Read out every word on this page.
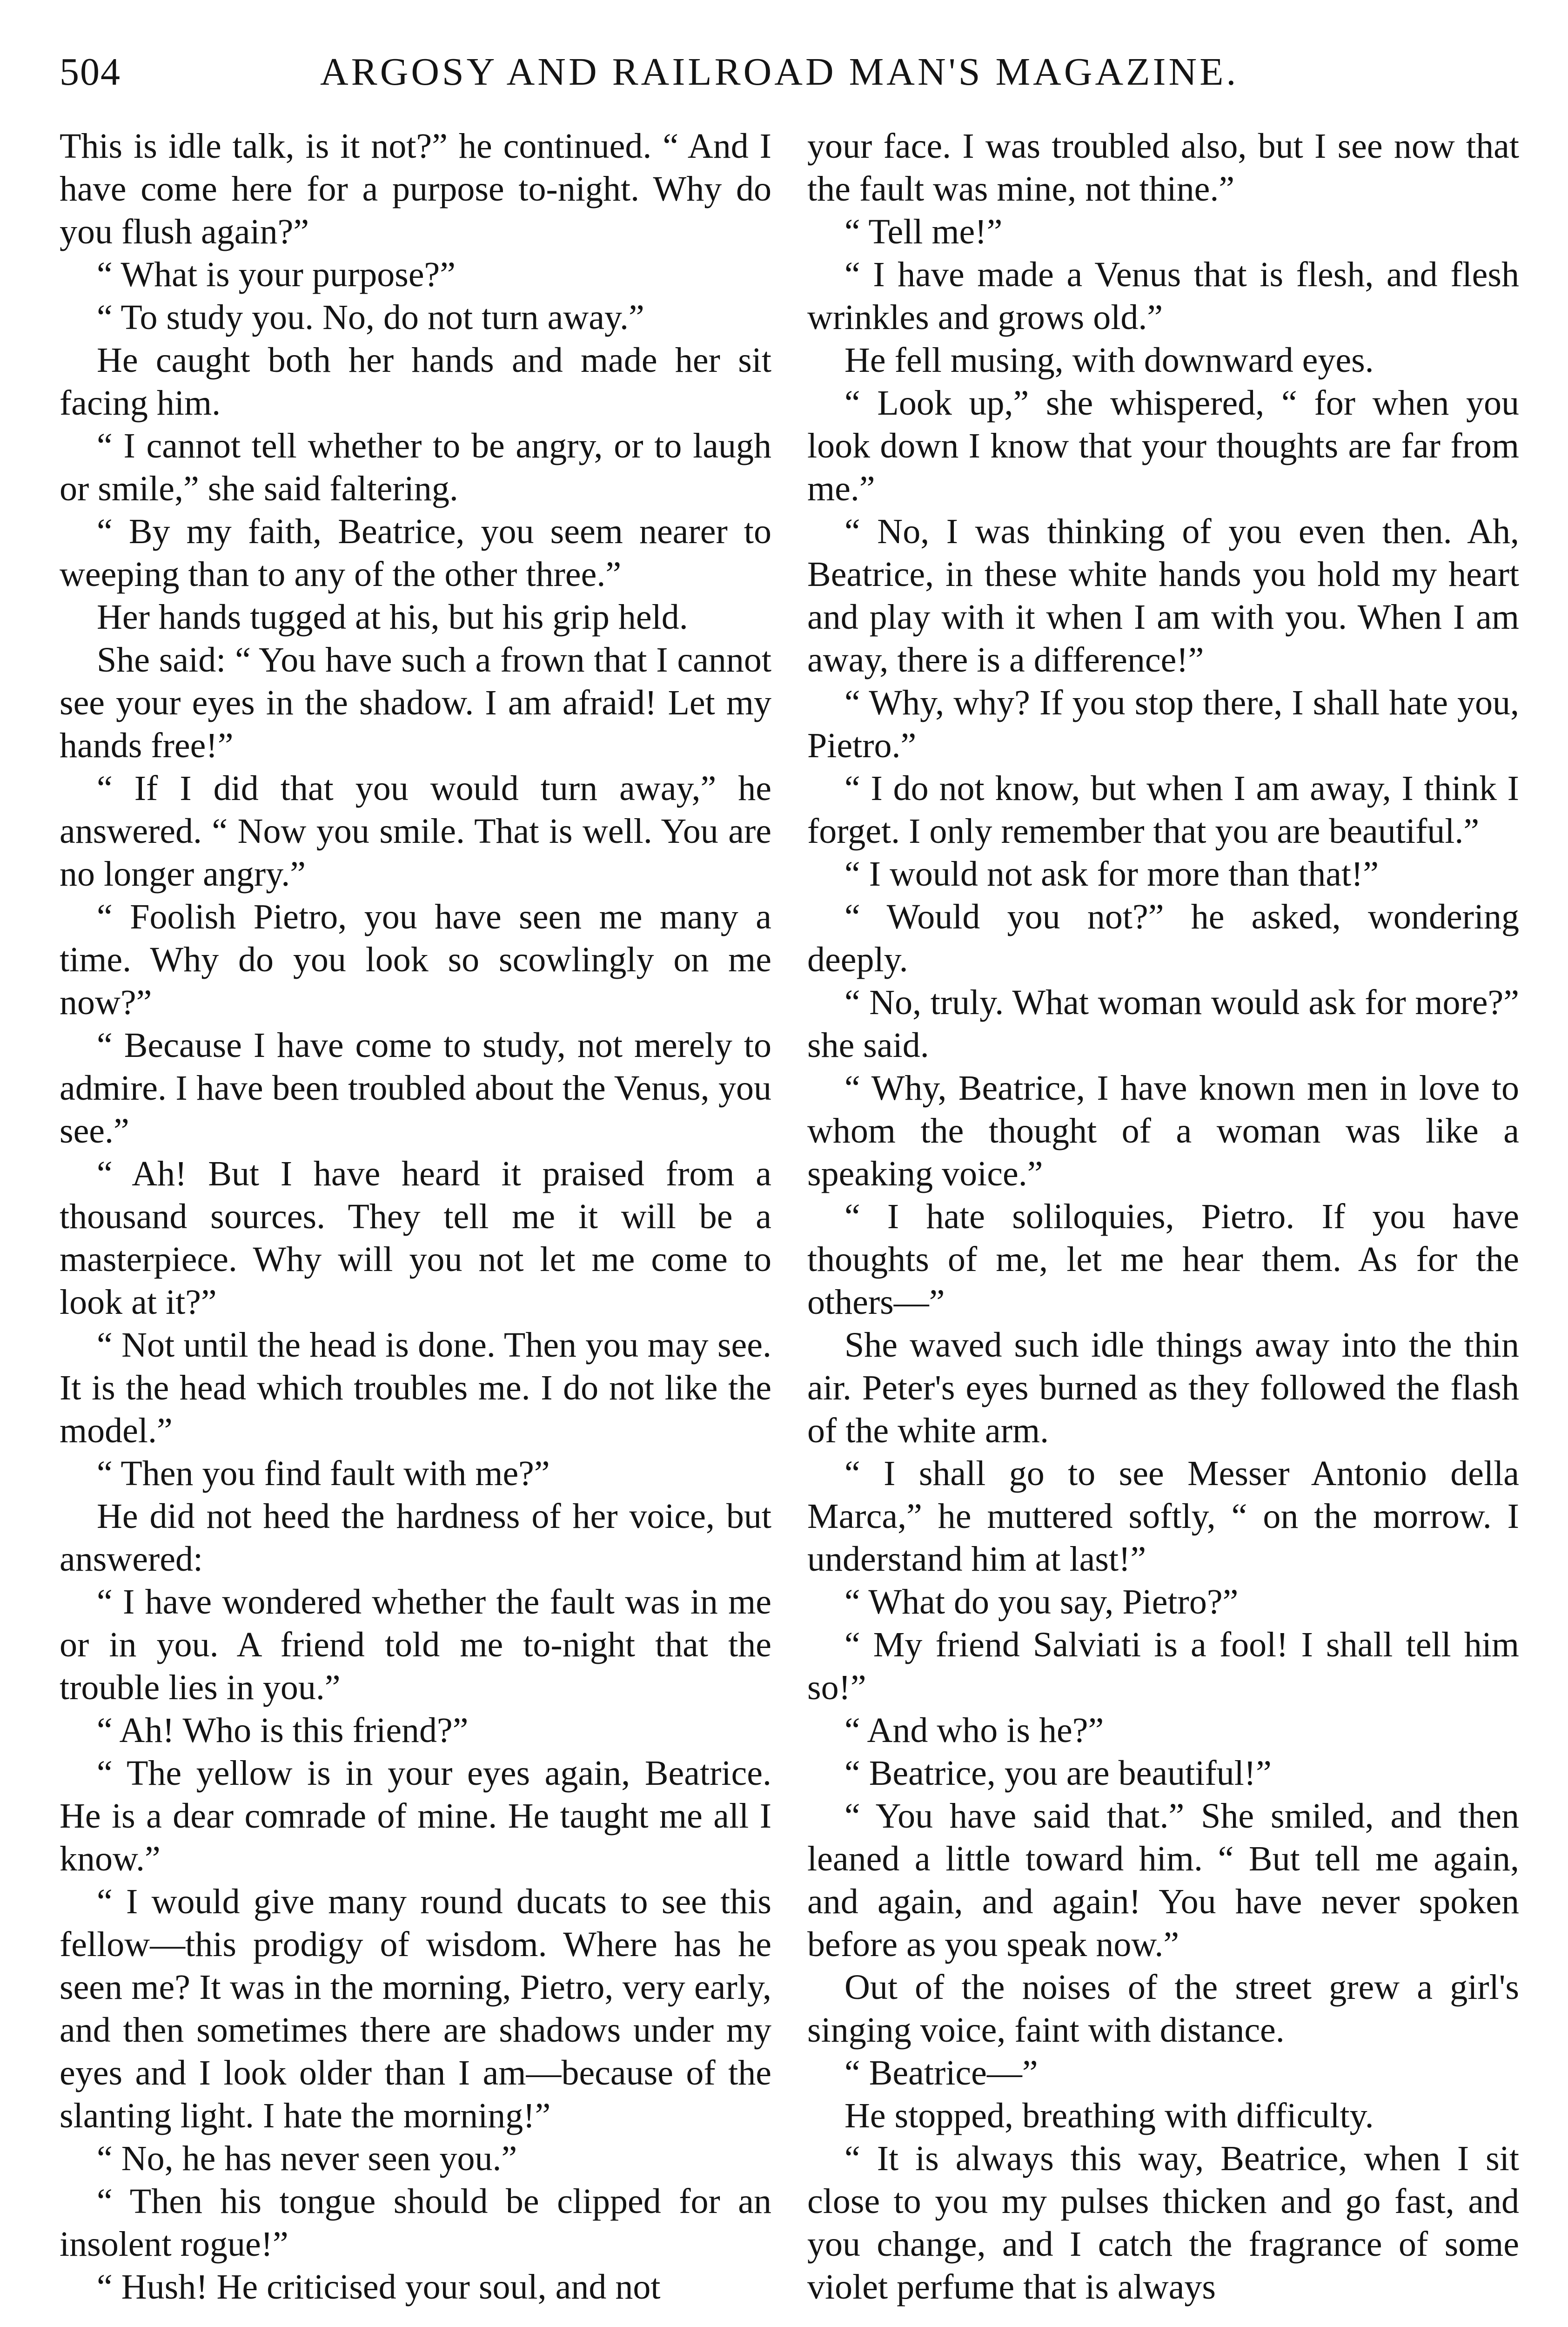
504	ARGOSY AND RAILROAD MAN'S MAGAZINE.

This is idle talk, is it not?” he continued. “ And I have come here for a purpose to-night. Why do you flush again?”

“ What is your purpose?”

“ To study you. No, do not turn away.”

He caught both her hands and made her sit facing him.

“ I cannot tell whether to be angry, or to laugh or smile,” she said faltering.

“ By my faith, Beatrice, you seem nearer to weeping than to any of the other three.”

Her hands tugged at his, but his grip held.

She said: “ You have such a frown that I cannot see your eyes in the shadow. I am afraid! Let my hands free!”

“ If I did that you would turn away,” he answered. “ Now you smile. That is well. You are no longer angry.”

“ Foolish Pietro, you have seen me many a time. Why do you look so scowlingly on me now?”

“ Because I have come to study, not merely to admire. I have been troubled about the Venus, you see.”

“ Ah! But I have heard it praised from a thousand sources. They tell me it will be a masterpiece. Why will you not let me come to look at it?”

“ Not until the head is done. Then you may see. It is the head which troubles me. I do not like the model.”

“ Then you find fault with me?”

He did not heed the hardness of her voice, but answered:

“ I have wondered whether the fault was in me or in you. A friend told me to-night that the trouble lies in you.”

“ Ah! Who is this friend?”

“ The yellow is in your eyes again, Beatrice. He is a dear comrade of mine. He taught me all I know.”

“ I would give many round ducats to see this fellow—this prodigy of wisdom. Where has he seen me? It was in the morning, Pietro, very early, and then sometimes there are shadows under my eyes and I look older than I am—because of the slanting light. I hate the morning!”

“ No, he has never seen you.”

“ Then his tongue should be clipped for an insolent rogue!”

“ Hush! He criticised your soul, and not

your face. I was troubled also, but I see now that the fault was mine, not thine.”

“ Tell me!”

“ I have made a Venus that is flesh, and flesh wrinkles and grows old.”

He fell musing, with downward eyes.

“ Look up,” she whispered, “ for when you look down I know that your thoughts are far from me.”

“ No, I was thinking of you even then. Ah, Beatrice, in these white hands you hold my heart and play with it when I am with you. When I am away, there is a difference!”

“ Why, why? If you stop there, I shall hate you, Pietro.”

“ I do not know, but when I am away, I think I forget. I only remember that you are beautiful.”

“ I would not ask for more than that!”

“ Would you not?” he asked, wondering deeply.

“ No, truly. What woman would ask for more?” she said.

“ Why, Beatrice, I have known men in love to whom the thought of a woman was like a speaking voice.”

“ I hate soliloquies, Pietro. If you have thoughts of me, let me hear them. As for the others—”

She waved such idle things away into the thin air. Peter's eyes burned as they followed the flash of the white arm.

“ I shall go to see Messer Antonio della Marca,” he muttered softly, “ on the morrow. I understand him at last!”

“ What do you say, Pietro?”

“ My friend Salviati is a fool! I shall tell him so!”

“ And who is he?”

“ Beatrice, you are beautiful!”

“ You have said that.” She smiled, and then leaned a little toward him. “ But tell me again, and again, and again! You have never spoken before as you speak now.”

Out of the noises of the street grew a girl's singing voice, faint with distance.

“ Beatrice—”

He stopped, breathing with difficulty.

“ It is always this way, Beatrice, when I sit close to you my pulses thicken and go fast, and you change, and I catch the fragrance of some violet perfume that is always
